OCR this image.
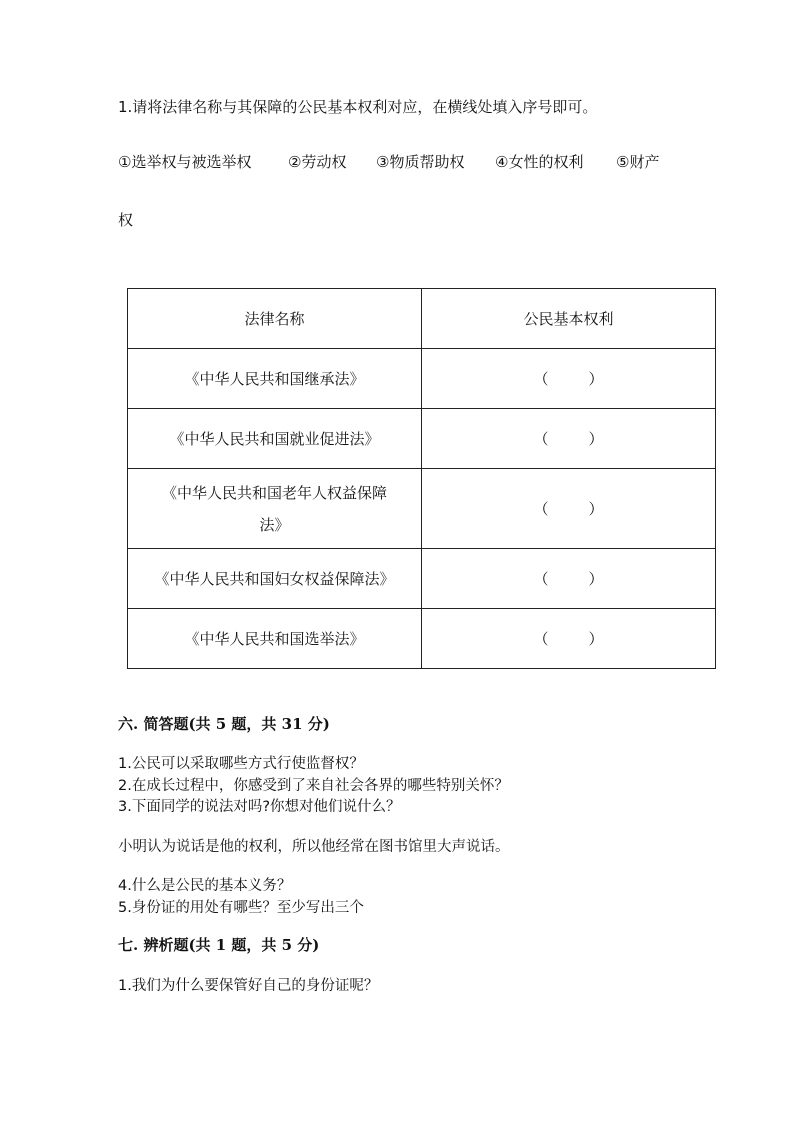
1.请将法律名称与其保障的公民基本权利对应，在横线处填入序号即可。
①选举权与被选举权 ②劳动权 ③物质帮助权 ④女性的权利 ⑤财产
权
法律名称	公民基本权利
《中华人民共和国继承法》	（ ）

《中华人民共和国就业促进法》	（ ）

《中华人民共和国老年人权益保障
法》	（ ）

《中华人民共和国妇女权益保障法》	（ ）

《中华人民共和国选举法》	（ ）
六. 简答题(共 5 题，共 31 分)
1.公民可以采取哪些方式行使监督权？
2.在成长过程中，你感受到了来自社会各界的哪些特别关怀？
3.下面同学的说法对吗?你想对他们说什么？
小明认为说话是他的权利，所以他经常在图书馆里大声说话。
4.什么是公民的基本义务？
5.身份证的用处有哪些？至少写出三个
七. 辨析题(共 1 题，共 5 分)
1.我们为什么要保管好自己的身份证呢？
